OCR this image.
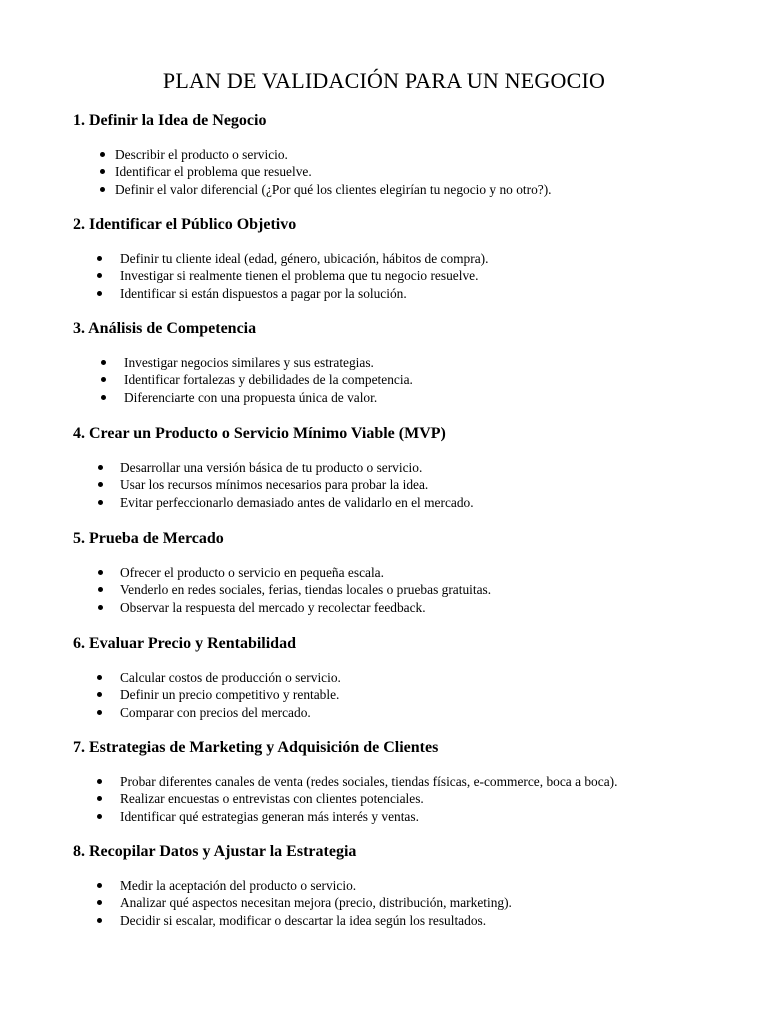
PLAN DE VALIDACIÓN PARA UN NEGOCIO
1. Definir la Idea de Negocio
Describir el producto o servicio.
Identificar el problema que resuelve.
Definir el valor diferencial (¿Por qué los clientes elegirían tu negocio y no otro?).
2. Identificar el Público Objetivo
Definir tu cliente ideal (edad, género, ubicación, hábitos de compra).
Investigar si realmente tienen el problema que tu negocio resuelve.
Identificar si están dispuestos a pagar por la solución.
3. Análisis de Competencia
Investigar negocios similares y sus estrategias.
Identificar fortalezas y debilidades de la competencia.
Diferenciarte con una propuesta única de valor.
4. Crear un Producto o Servicio Mínimo Viable (MVP)
Desarrollar una versión básica de tu producto o servicio.
Usar los recursos mínimos necesarios para probar la idea.
Evitar perfeccionarlo demasiado antes de validarlo en el mercado.
5. Prueba de Mercado
Ofrecer el producto o servicio en pequeña escala.
Venderlo en redes sociales, ferias, tiendas locales o pruebas gratuitas.
Observar la respuesta del mercado y recolectar feedback.
6. Evaluar Precio y Rentabilidad
Calcular costos de producción o servicio.
Definir un precio competitivo y rentable.
Comparar con precios del mercado.
7. Estrategias de Marketing y Adquisición de Clientes
Probar diferentes canales de venta (redes sociales, tiendas físicas, e-commerce, boca a boca).
Realizar encuestas o entrevistas con clientes potenciales.
Identificar qué estrategias generan más interés y ventas.
8. Recopilar Datos y Ajustar la Estrategia
Medir la aceptación del producto o servicio.
Analizar qué aspectos necesitan mejora (precio, distribución, marketing).
Decidir si escalar, modificar o descartar la idea según los resultados.
